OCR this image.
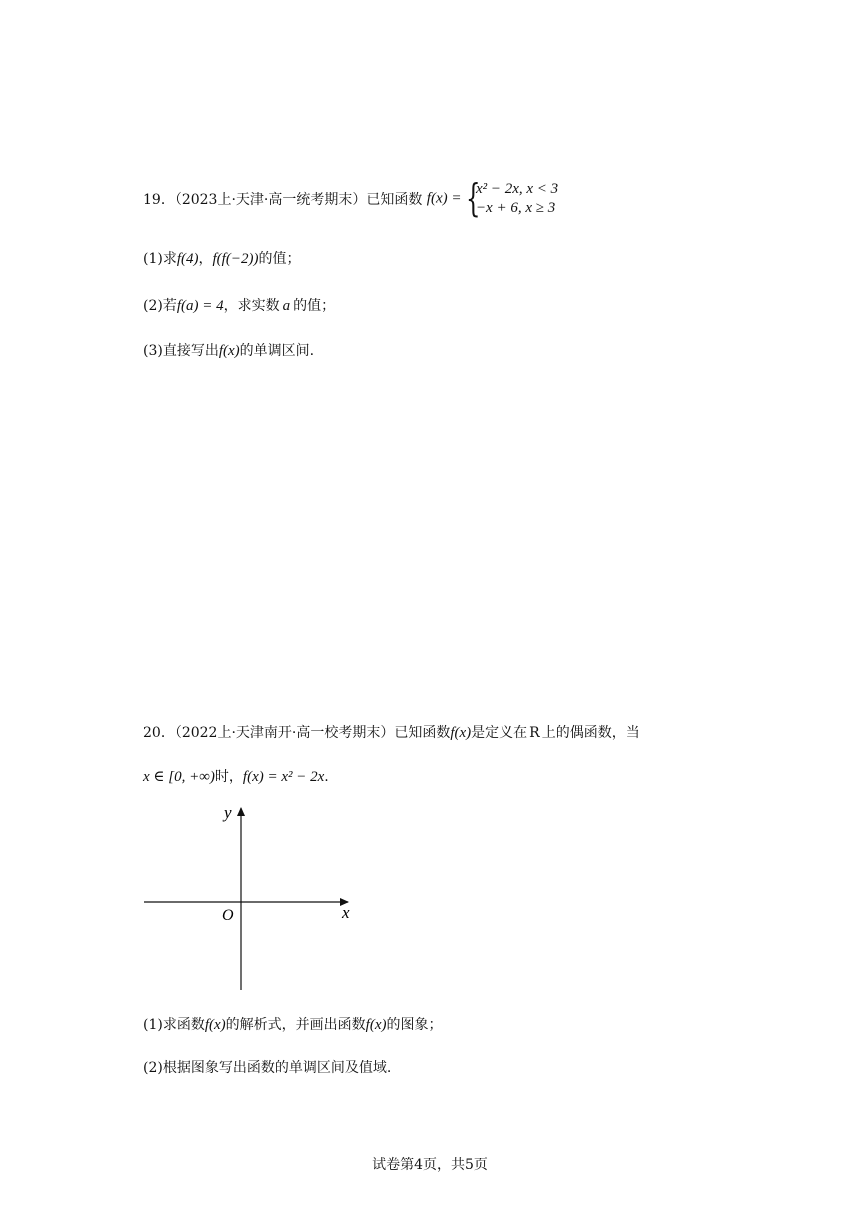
19．（2023上·天津·高一统考期末）已知函数 f(x) = {
x² − 2x, x < 3
−x + 6, x ≥ 3
(1)求f(4)，f(f(−2))的值；
(2)若f(a) = 4，求实数 a 的值；
(3)直接写出f(x)的单调区间.
20．（2022上·天津南开·高一校考期末）已知函数f(x)是定义在 R 上的偶函数，当
x ∈ [0, +∞)时，f(x) = x² − 2x.
y
x
O
(1)求函数f(x)的解析式，并画出函数f(x)的图象；
(2)根据图象写出函数的单调区间及值域.
试卷第4页，共5页
